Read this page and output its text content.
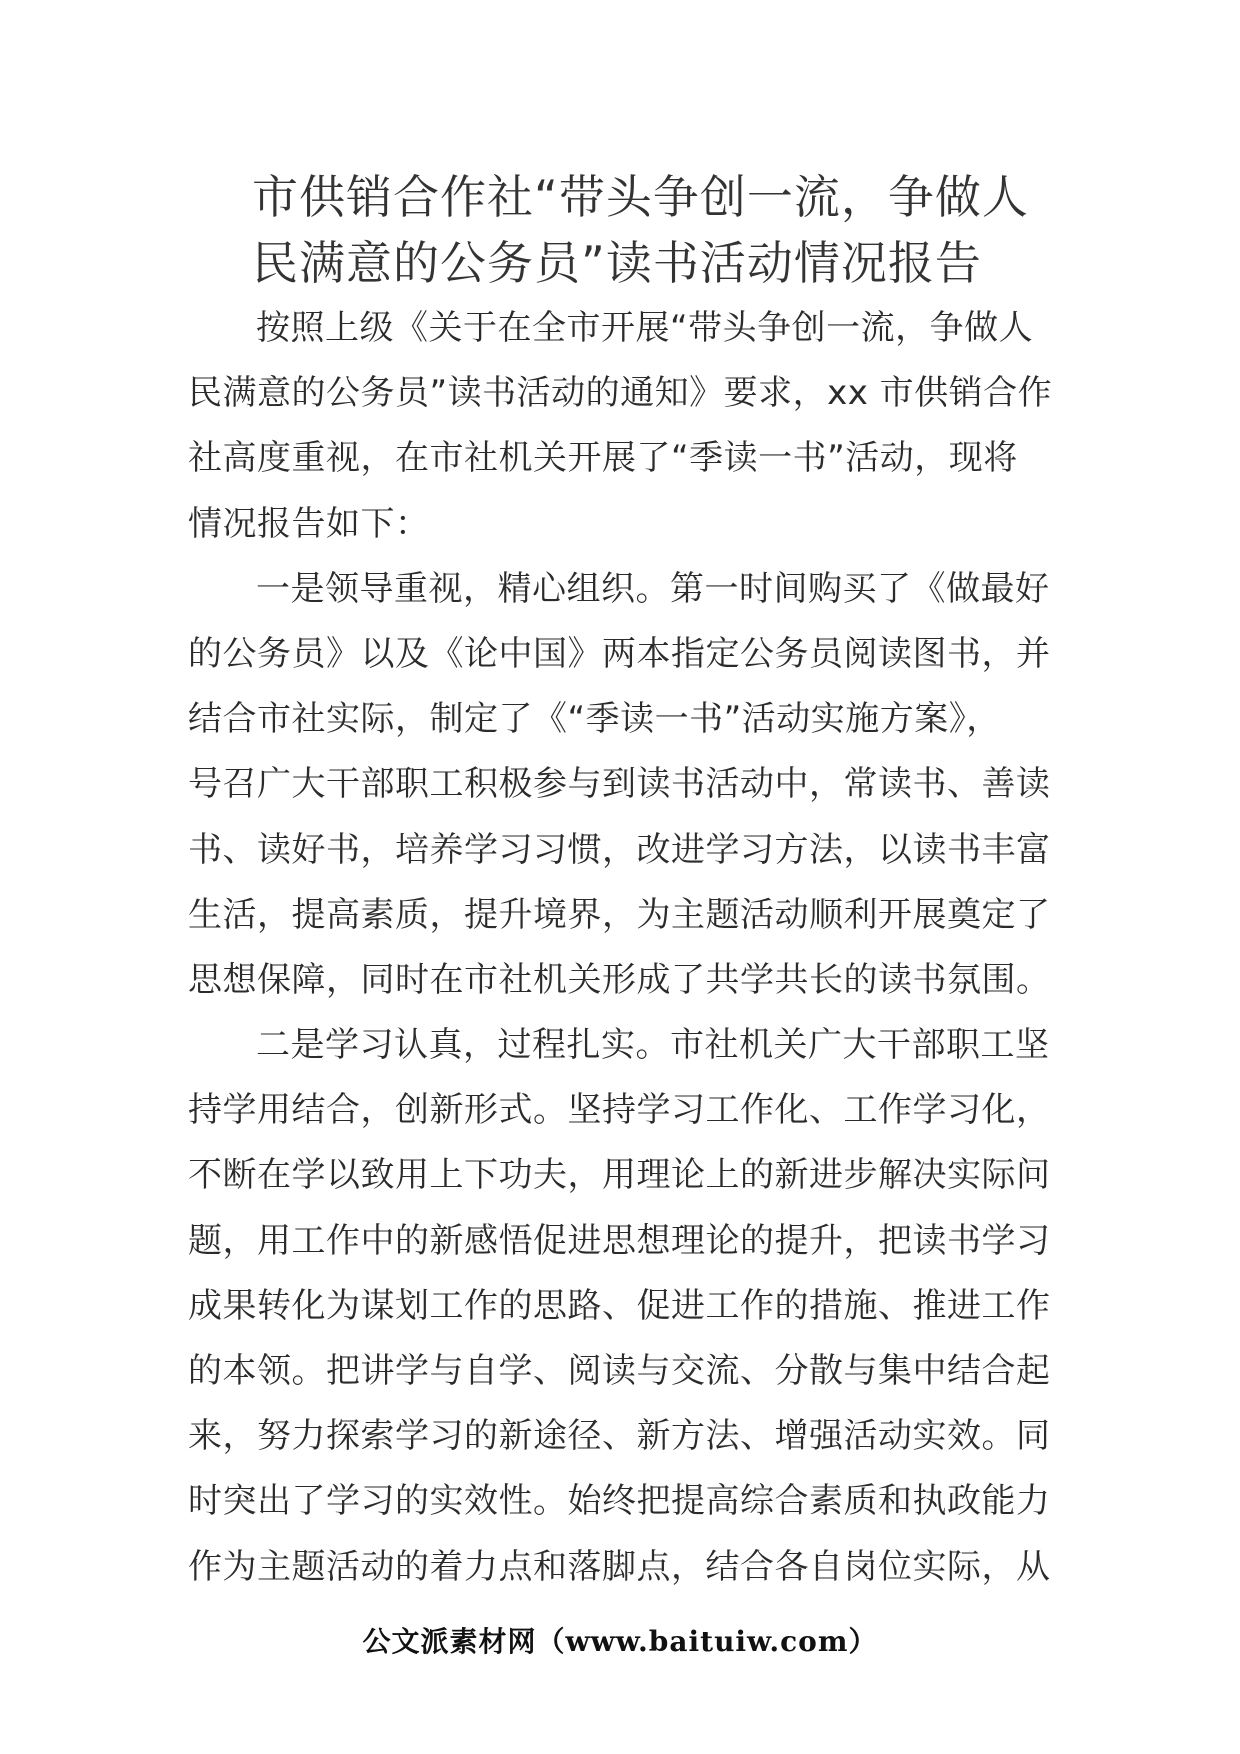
市供销合作社“带头争创一流，争做人
民满意的公务员”读书活动情况报告
按照上级《关于在全市开展“带头争创一流，争做人
民满意的公务员”读书活动的通知》要求，xx 市供销合作
社高度重视，在市社机关开展了“季读一书”活动，现将
情况报告如下：
一是领导重视，精心组织。第一时间购买了《做最好
的公务员》以及《论中国》两本指定公务员阅读图书，并
结合市社实际，制定了《“季读一书”活动实施方案》，
号召广大干部职工积极参与到读书活动中，常读书、善读
书、读好书，培养学习习惯，改进学习方法，以读书丰富
生活，提高素质，提升境界，为主题活动顺利开展奠定了
思想保障，同时在市社机关形成了共学共长的读书氛围。
二是学习认真，过程扎实。市社机关广大干部职工坚
持学用结合，创新形式。坚持学习工作化、工作学习化，
不断在学以致用上下功夫，用理论上的新进步解决实际问
题，用工作中的新感悟促进思想理论的提升，把读书学习
成果转化为谋划工作的思路、促进工作的措施、推进工作
的本领。把讲学与自学、阅读与交流、分散与集中结合起
来，努力探索学习的新途径、新方法、增强活动实效。同
时突出了学习的实效性。始终把提高综合素质和执政能力
作为主题活动的着力点和落脚点，结合各自岗位实际，从
公文派素材网（www.baituiw.com）
